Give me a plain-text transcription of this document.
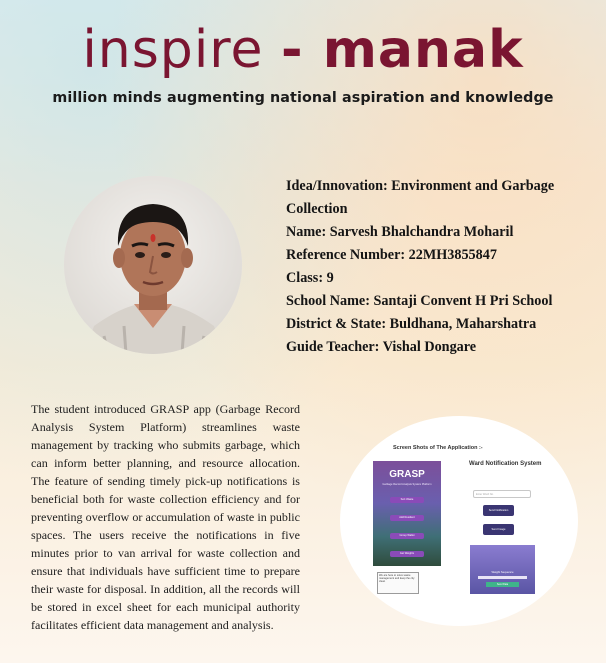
inspire - manak
million minds augmenting national aspiration and knowledge
Idea/Innovation: Environment and Garbage Collection
Name: Sarvesh Bhalchandra Moharil
Reference Number: 22MH3855847
Class: 9
School Name: Santaji Convent H Pri School
District & State: Buldhana, Maharshatra
Guide Teacher: Vishal Dongare
The student introduced GRASP app (Garbage Record Analysis System Platform) streamlines waste management by tracking who submits garbage, which can inform better planning, and resource allocation. The feature of sending timely pick-up notifications is beneficial both for waste collection efficiency and for preventing overflow or accumulation of waste in public spaces. The users receive the notifications in five minutes prior to van arrival for waste collection and ensure that individuals have sufficient time to prepare their waste for disposal. In addition, all the records will be stored in excel sheet for each municipal authority facilitates efficient data management and analysis.
Screen Shots of The Application :-
GRASP
Garbage Record Analysis System Platform
Sort Waste
Add Resident
Group Wallet
Get Weights
We are here to solve waste management and keep the city clean
Ward Notification System
Enter Ward No.
Send Notification
Send Image
Weight Sequence
Send Data
